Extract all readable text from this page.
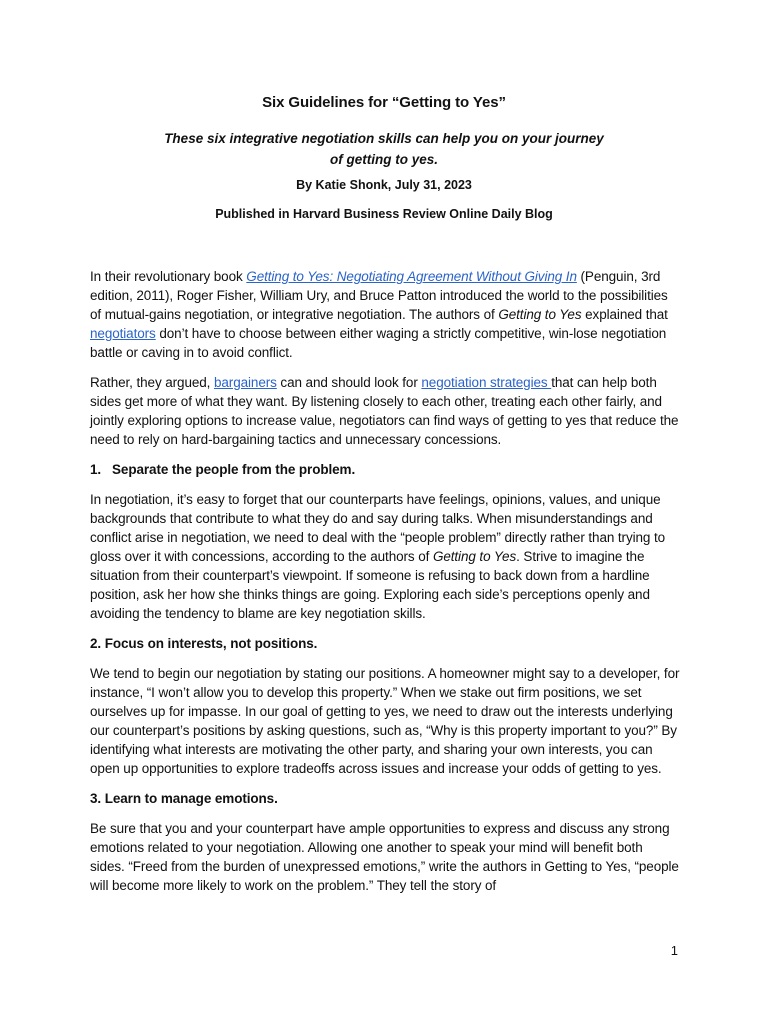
Six Guidelines for “Getting to Yes”
These six integrative negotiation skills can help you on your journey
of getting to yes.
By Katie Shonk, July 31, 2023
Published in Harvard Business Review Online Daily Blog

In their revolutionary book Getting to Yes: Negotiating Agreement Without Giving In (Penguin, 3rd edition, 2011), Roger Fisher, William Ury, and Bruce Patton introduced the world to the possibilities of mutual-gains negotiation, or integrative negotiation. The authors of Getting to Yes explained that negotiators don’t have to choose between either waging a strictly competitive, win-lose negotiation battle or caving in to avoid conflict.

Rather, they argued, bargainers can and should look for negotiation strategies that can help both sides get more of what they want. By listening closely to each other, treating each other fairly, and jointly exploring options to increase value, negotiators can find ways of getting to yes that reduce the need to rely on hard-bargaining tactics and unnecessary concessions.

1.   Separate the people from the problem.

In negotiation, it’s easy to forget that our counterparts have feelings, opinions, values, and unique backgrounds that contribute to what they do and say during talks. When misunderstandings and conflict arise in negotiation, we need to deal with the “people problem” directly rather than trying to gloss over it with concessions, according to the authors of Getting to Yes. Strive to imagine the situation from their counterpart’s viewpoint. If someone is refusing to back down from a hardline position, ask her how she thinks things are going. Exploring each side’s perceptions openly and avoiding the tendency to blame are key negotiation skills.

2. Focus on interests, not positions.

We tend to begin our negotiation by stating our positions. A homeowner might say to a developer, for instance, “I won’t allow you to develop this property.” When we stake out firm positions, we set ourselves up for impasse. In our goal of getting to yes, we need to draw out the interests underlying our counterpart’s positions by asking questions, such as, “Why is this property important to you?” By identifying what interests are motivating the other party, and sharing your own interests, you can open up opportunities to explore tradeoffs across issues and increase your odds of getting to yes.

3. Learn to manage emotions.

Be sure that you and your counterpart have ample opportunities to express and discuss any strong emotions related to your negotiation. Allowing one another to speak your mind will benefit both sides. “Freed from the burden of unexpressed emotions,” write the authors in Getting to Yes, “people will become more likely to work on the problem.” They tell the story of

1
